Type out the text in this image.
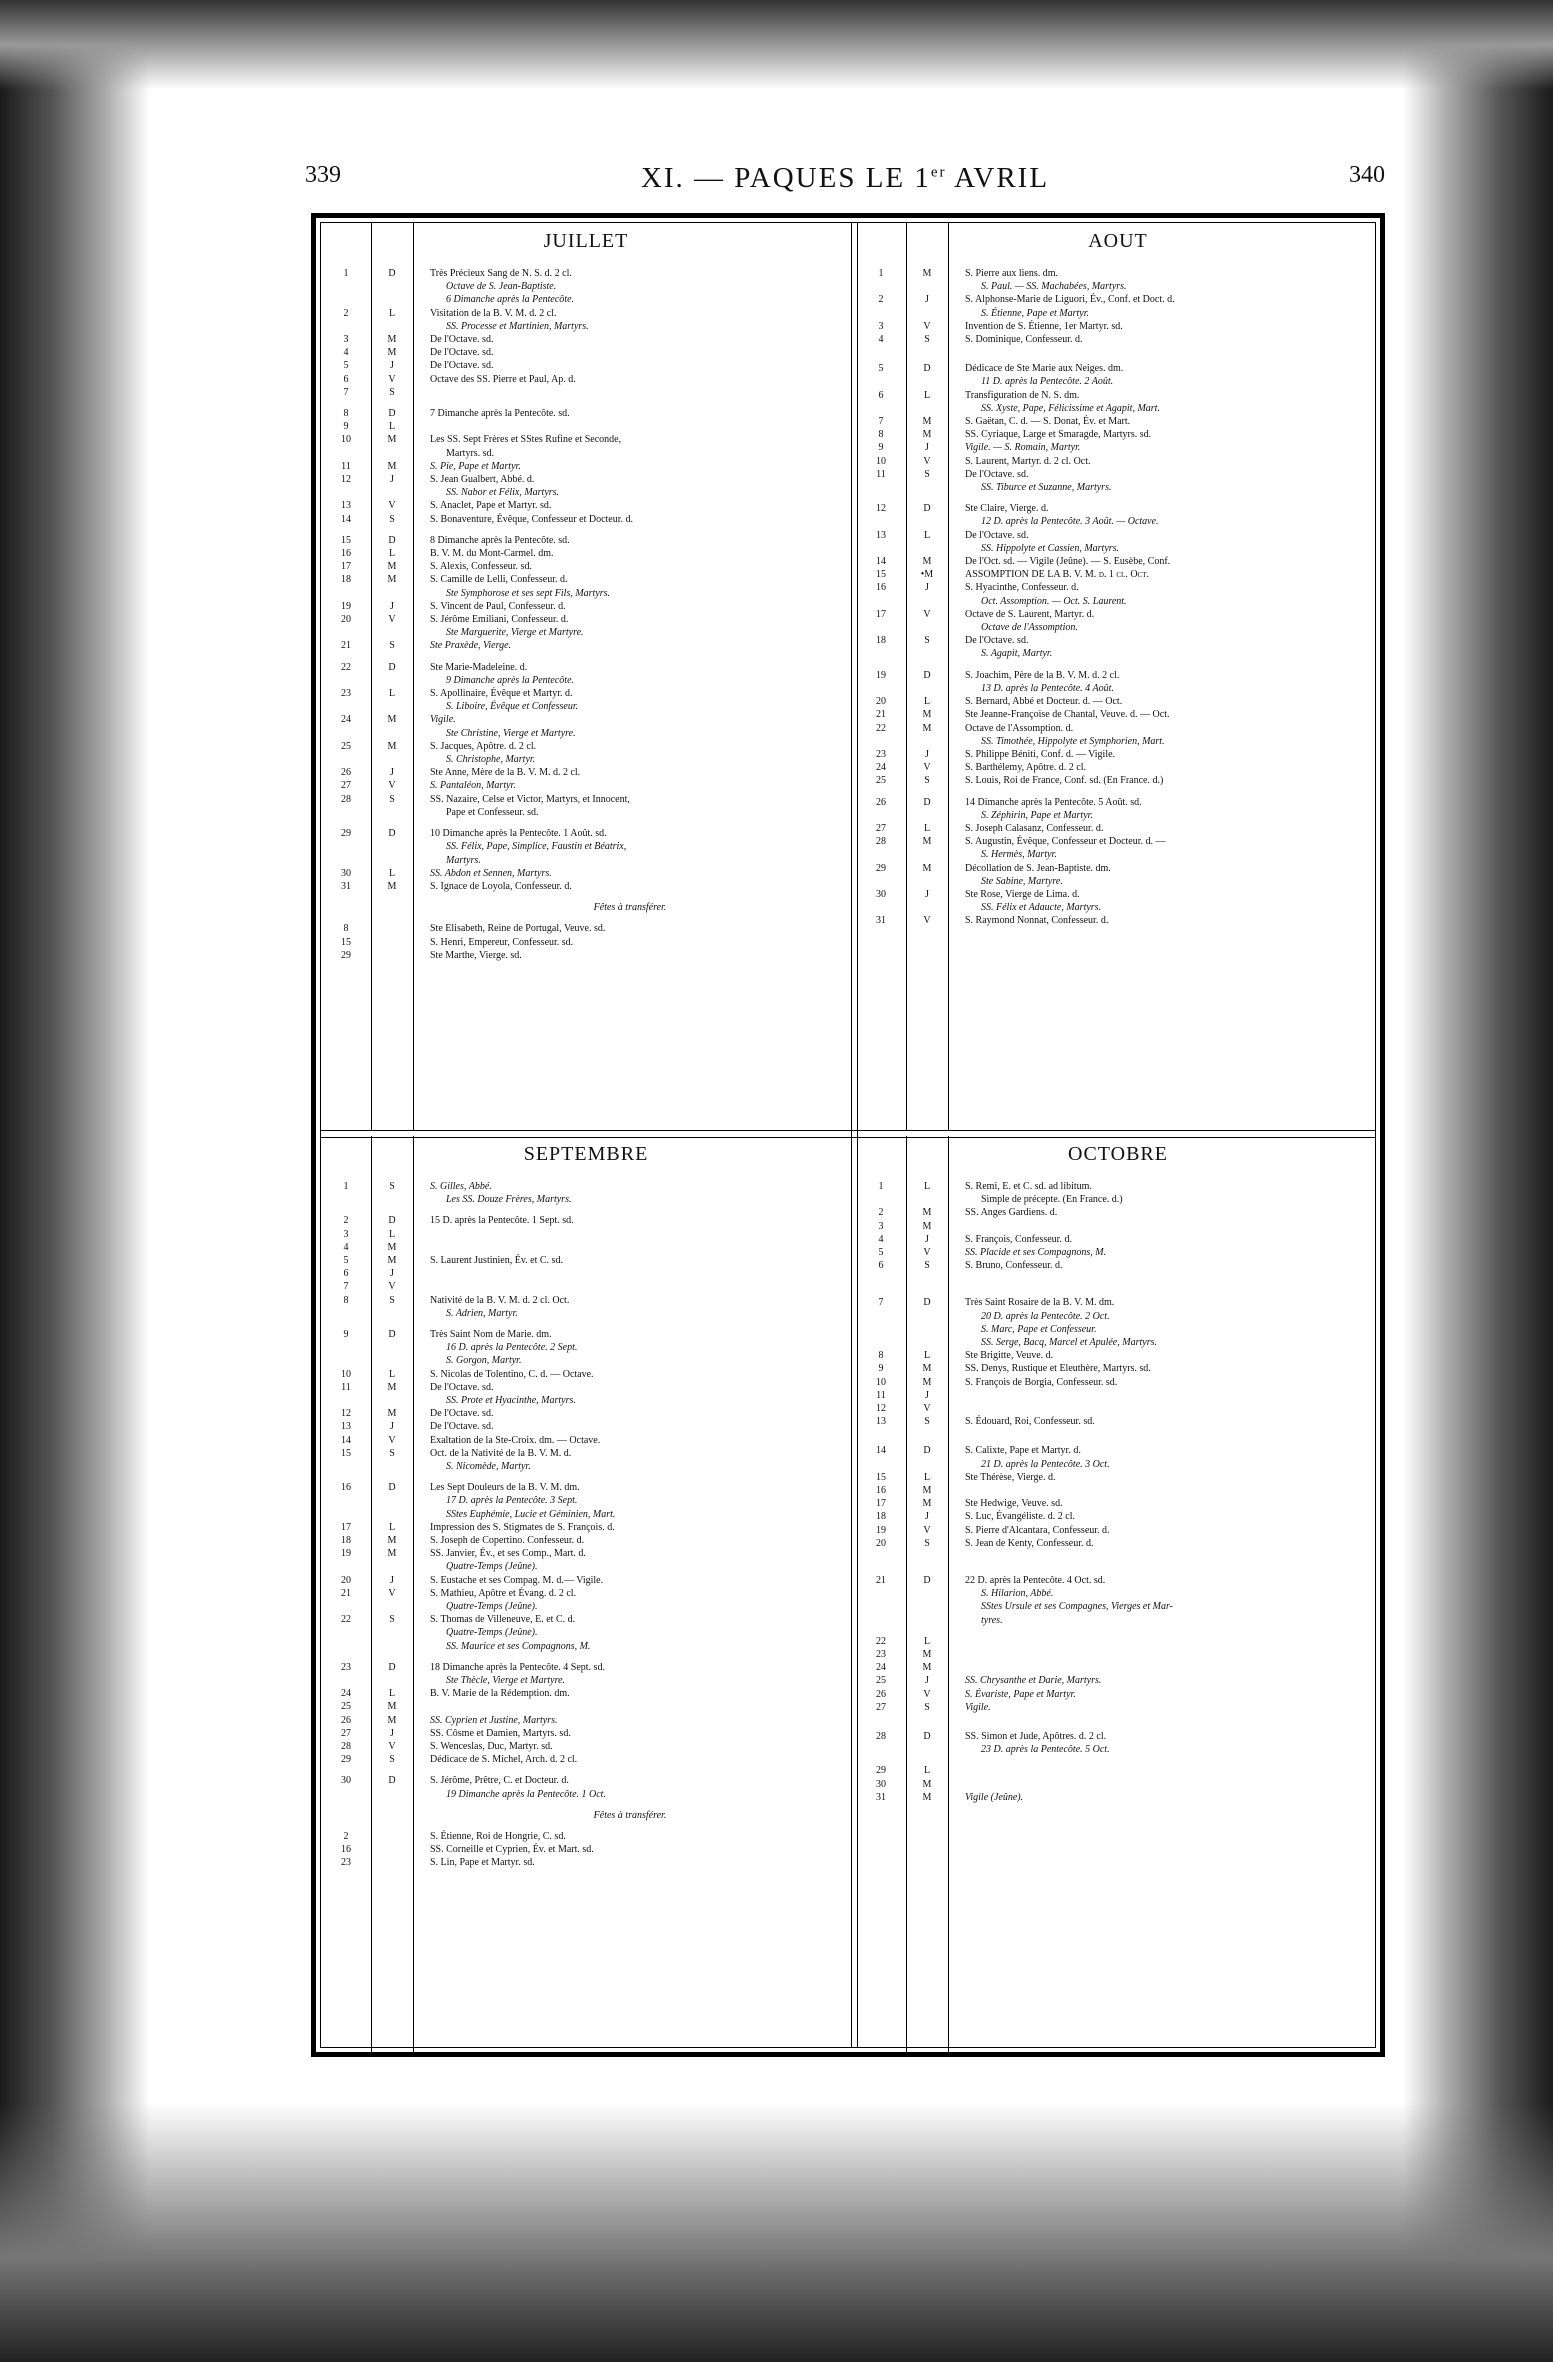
339	XI. — PAQUES LE 1er AVRIL	340
JUILLET
1	D	Très Précieux Sang de N. S. d. 2 cl.
Octave de S. Jean-Baptiste.
6 Dimanche après la Pentecôte.
2	L	Visitation de la B. V. M. d. 2 cl.
SS. Processe et Martinien, Martyrs.
3	M	De l'Octave. sd.
4	M	De l'Octave. sd.
5	J	De l'Octave. sd.
6	V	Octave des SS. Pierre et Paul, Ap. d.
7	S
8	D	7 Dimanche après la Pentecôte. sd.
9	L
10	M	Les SS. Sept Frères et SStes Rufine et Seconde,
Martyrs. sd.
11	M	S. Pie, Pape et Martyr.
12	J	S. Jean Gualbert, Abbé. d.
SS. Nabor et Félix, Martyrs.
13	V	S. Anaclet, Pape et Martyr. sd.
14	S	S. Bonaventure, Évêque, Confesseur et Docteur. d.
15	D	8 Dimanche après la Pentecôte. sd.
16	L	B. V. M. du Mont-Carmel. dm.
17	M	S. Alexis, Confesseur. sd.
18	M	S. Camille de Lelli, Confesseur. d.
Ste Symphorose et ses sept Fils, Martyrs.
19	J	S. Vincent de Paul, Confesseur. d.
20	V	S. Jérôme Emiliani, Confesseur. d.
Ste Marguerite, Vierge et Martyre.
21	S	Ste Praxède, Vierge.
22	D	Ste Marie-Madeleine. d.
9 Dimanche après la Pentecôte.
23	L	S. Apollinaire, Évêque et Martyr. d.
S. Liboire, Évêque et Confesseur.
24	M	Vigile.
Ste Christine, Vierge et Martyre.
25	M	S. Jacques, Apôtre. d. 2 cl.
S. Christophe, Martyr.
26	J	Ste Anne, Mère de la B. V. M. d. 2 cl.
27	V	S. Pantaléon, Martyr.
28	S	SS. Nazaire, Celse et Victor, Martyrs, et Innocent,
Pape et Confesseur. sd.
29	D	10 Dimanche après la Pentecôte. 1 Août. sd.
SS. Félix, Pape, Simplice, Faustin et Béatrix,
Martyrs.
30	L	SS. Abdon et Sennen, Martyrs.
31	M	S. Ignace de Loyola, Confesseur. d.
Fêtes à transférer.
8	Ste Elisabeth, Reine de Portugal, Veuve. sd.
15	S. Henri, Empereur, Confesseur. sd.
29	Ste Marthe, Vierge. sd.
AOUT
1	M	S. Pierre aux liens. dm.
S. Paul. — SS. Machabées, Martyrs.
2	J	S. Alphonse-Marie de Liguori, Év., Conf. et Doct. d.
S. Étienne, Pape et Martyr.
3	V	Invention de S. Étienne, 1er Martyr. sd.
4	S	S. Dominique, Confesseur. d.
5	D	Dédicace de Ste Marie aux Neiges. dm.
11 D. après la Pentecôte. 2 Août.
6	L	Transfiguration de N. S. dm.
SS. Xyste, Pape, Félicissime et Agapit, Mart.
7	M	S. Gaëtan, C. d. — S. Donat, Év. et Mart.
8	M	SS. Cyriaque, Large et Smaragde, Martyrs. sd.
9	J	Vigile. — S. Romain, Martyr.
10	V	S. Laurent, Martyr. d. 2 cl. Oct.
11	S	De l'Octave. sd.
SS. Tiburce et Suzanne, Martyrs.
12	D	Ste Claire, Vierge. d.
12 D. après la Pentecôte. 3 Août. — Octave.
13	L	De l'Octave. sd.
SS. Hippolyte et Cassien, Martyrs.
14	M	De l'Oct. sd. — Vigile (Jeûne). — S. Eusèbe, Conf.
15	•M	ASSOMPTION DE LA B. V. M. d. 1 cl. Oct.
16	J	S. Hyacinthe, Confesseur. d.
Oct. Assomption. — Oct. S. Laurent.
17	V	Octave de S. Laurent, Martyr. d.
Octave de l'Assomption.
18	S	De l'Octave. sd.
S. Agapit, Martyr.
19	D	S. Joachim, Père de la B. V. M. d. 2 cl.
13 D. après la Pentecôte. 4 Août.
20	L	S. Bernard, Abbé et Docteur. d. — Oct.
21	M	Ste Jeanne-Françoise de Chantal, Veuve. d. — Oct.
22	M	Octave de l'Assomption. d.
SS. Timothée, Hippolyte et Symphorien, Mart.
23	J	S. Philippe Béniti, Conf. d. — Vigile.
24	V	S. Barthélemy, Apôtre. d. 2 cl.
25	S	S. Louis, Roi de France, Conf. sd. (En France. d.)
26	D	14 Dimanche après la Pentecôte. 5 Août. sd.
S. Zéphirin, Pape et Martyr.
27	L	S. Joseph Calasanz, Confesseur. d.
28	M	S. Augustin, Évêque, Confesseur et Docteur. d. —
S. Hermès, Martyr.
29	M	Décollation de S. Jean-Baptiste. dm.
Ste Sabine, Martyre.
30	J	Ste Rose, Vierge de Lima. d.
SS. Félix et Adaucte, Martyrs.
31	V	S. Raymond Nonnat, Confesseur. d.
SEPTEMBRE
1	S	S. Gilles, Abbé.
Les SS. Douze Frères, Martyrs.
2	D	15 D. après la Pentecôte. 1 Sept. sd.
3	L
4	M
5	M	S. Laurent Justinien, Év. et C. sd.
6	J
7	V
8	S	Nativité de la B. V. M. d. 2 cl. Oct.
S. Adrien, Martyr.
9	D	Très Saint Nom de Marie. dm.
16 D. après la Pentecôte. 2 Sept.
S. Gorgon, Martyr.
10	L	S. Nicolas de Tolentino, C. d. — Octave.
11	M	De l'Octave. sd.
SS. Prote et Hyacinthe, Martyrs.
12	M	De l'Octave. sd.
13	J	De l'Octave. sd.
14	V	Exaltation de la Ste-Croix. dm. — Octave.
15	S	Oct. de la Nativité de la B. V. M. d.
S. Nicomède, Martyr.
16	D	Les Sept Douleurs de la B. V. M. dm.
17 D. après la Pentecôte. 3 Sept.
SStes Euphémie, Lucie et Géminien, Mart.
17	L	Impression des S. Stigmates de S. François. d.
18	M	S. Joseph de Copertino. Confesseur. d.
19	M	SS. Janvier, Év., et ses Comp., Mart. d.
Quatre-Temps (Jeûne).
20	J	S. Eustache et ses Compag. M. d.— Vigile.
21	V	S. Mathieu, Apôtre et Évang. d. 2 cl.
Quatre-Temps (Jeûne).
22	S	S. Thomas de Villeneuve, E. et C. d.
Quatre-Temps (Jeûne).
SS. Maurice et ses Compagnons, M.
23	D	18 Dimanche après la Pentecôte. 4 Sept. sd.
Ste Thècle, Vierge et Martyre.
24	L	B. V. Marie de la Rédemption. dm.
25	M
26	M	SS. Cyprien et Justine, Martyrs.
27	J	SS. Côsme et Damien, Martyrs. sd.
28	V	S. Wenceslas, Duc, Martyr. sd.
29	S	Dédicace de S. Michel, Arch. d. 2 cl.
30	D	S. Jérôme, Prêtre, C. et Docteur. d.
19 Dimanche après la Pentecôte. 1 Oct.
Fêtes à transférer.
2	S. Étienne, Roi de Hongrie, C. sd.
16	SS. Corneille et Cyprien, Év. et Mart. sd.
23	S. Lin, Pape et Martyr. sd.
OCTOBRE
1	L	S. Remi, E. et C. sd. ad libitum.
Simple de précepte. (En France. d.)
2	M	SS. Anges Gardiens. d.
3	M
4	J	S. François, Confesseur. d.
5	V	SS. Placide et ses Compagnons, M.
6	S	S. Bruno, Confesseur. d.
7	D	Très Saint Rosaire de la B. V. M. dm.
20 D. après la Pentecôte. 2 Oct.
S. Marc, Pape et Confesseur.
SS. Serge, Bacq, Marcel et Apulée, Martyrs.
8	L	Ste Brigitte, Veuve. d.
9	M	SS. Denys, Rustique et Eleuthère, Martyrs. sd.
10	M	S. François de Borgia, Confesseur. sd.
11	J
12	V
13	S	S. Édouard, Roi, Confesseur. sd.
14	D	S. Calixte, Pape et Martyr. d.
21 D. après la Pentecôte. 3 Oct.
15	L	Ste Thérèse, Vierge. d.
16	M
17	M	Ste Hedwige, Veuve. sd.
18	J	S. Luc, Évangéliste. d. 2 cl.
19	V	S. Pierre d'Alcantara, Confesseur. d.
20	S	S. Jean de Kenty, Confesseur. d.
21	D	22 D. après la Pentecôte. 4 Oct. sd.
S. Hilarion, Abbé.
SStes Ursule et ses Compagnes, Vierges et Mar-
tyres.
22	L
23	M
24	M
25	J	SS. Chrysanthe et Darie, Martyrs.
26	V	S. Évariste, Pape et Martyr.
27	S	Vigile.
28	D	SS. Simon et Jude, Apôtres. d. 2 cl.
23 D. après la Pentecôte. 5 Oct.
29	L
30	M
31	M	Vigile (Jeûne).
